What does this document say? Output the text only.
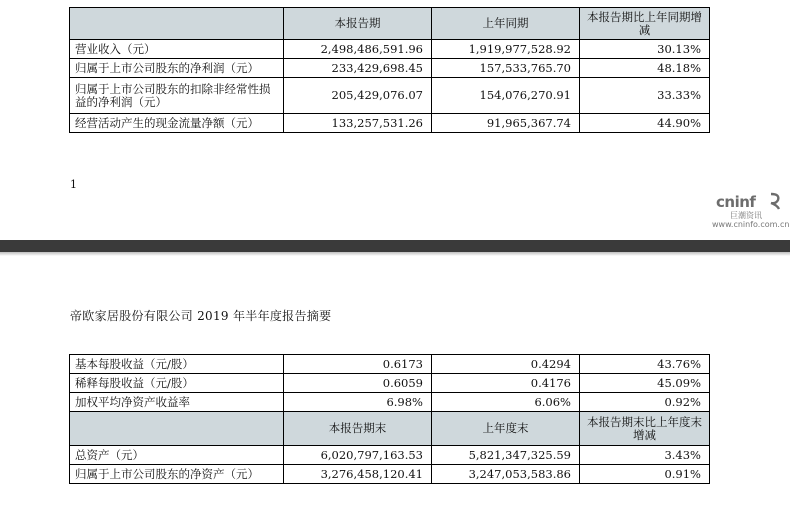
	本报告期	上年同期	本报告期比上年同期增减
营业收入（元）	2,498,486,591.96	1,919,977,528.92	30.13%
归属于上市公司股东的净利润（元）	233,429,698.45	157,533,765.70	48.18%
归属于上市公司股东的扣除非经常性损益的净利润（元）	205,429,076.07	154,076,270.91	33.33%
经营活动产生的现金流量净额（元）	133,257,531.26	91,965,367.74	44.90%
1
cninf
巨潮资讯
www.cninfo.com.cn
帝欧家居股份有限公司 2019 年半年度报告摘要
基本每股收益（元/股）	0.6173	0.4294	43.76%
稀释每股收益（元/股）	0.6059	0.4176	45.09%
加权平均净资产收益率	6.98%	6.06%	0.92%
	本报告期末	上年度末	本报告期末比上年度末增减
总资产（元）	6,020,797,163.53	5,821,347,325.59	3.43%
归属于上市公司股东的净资产（元）	3,276,458,120.41	3,247,053,583.86	0.91%
